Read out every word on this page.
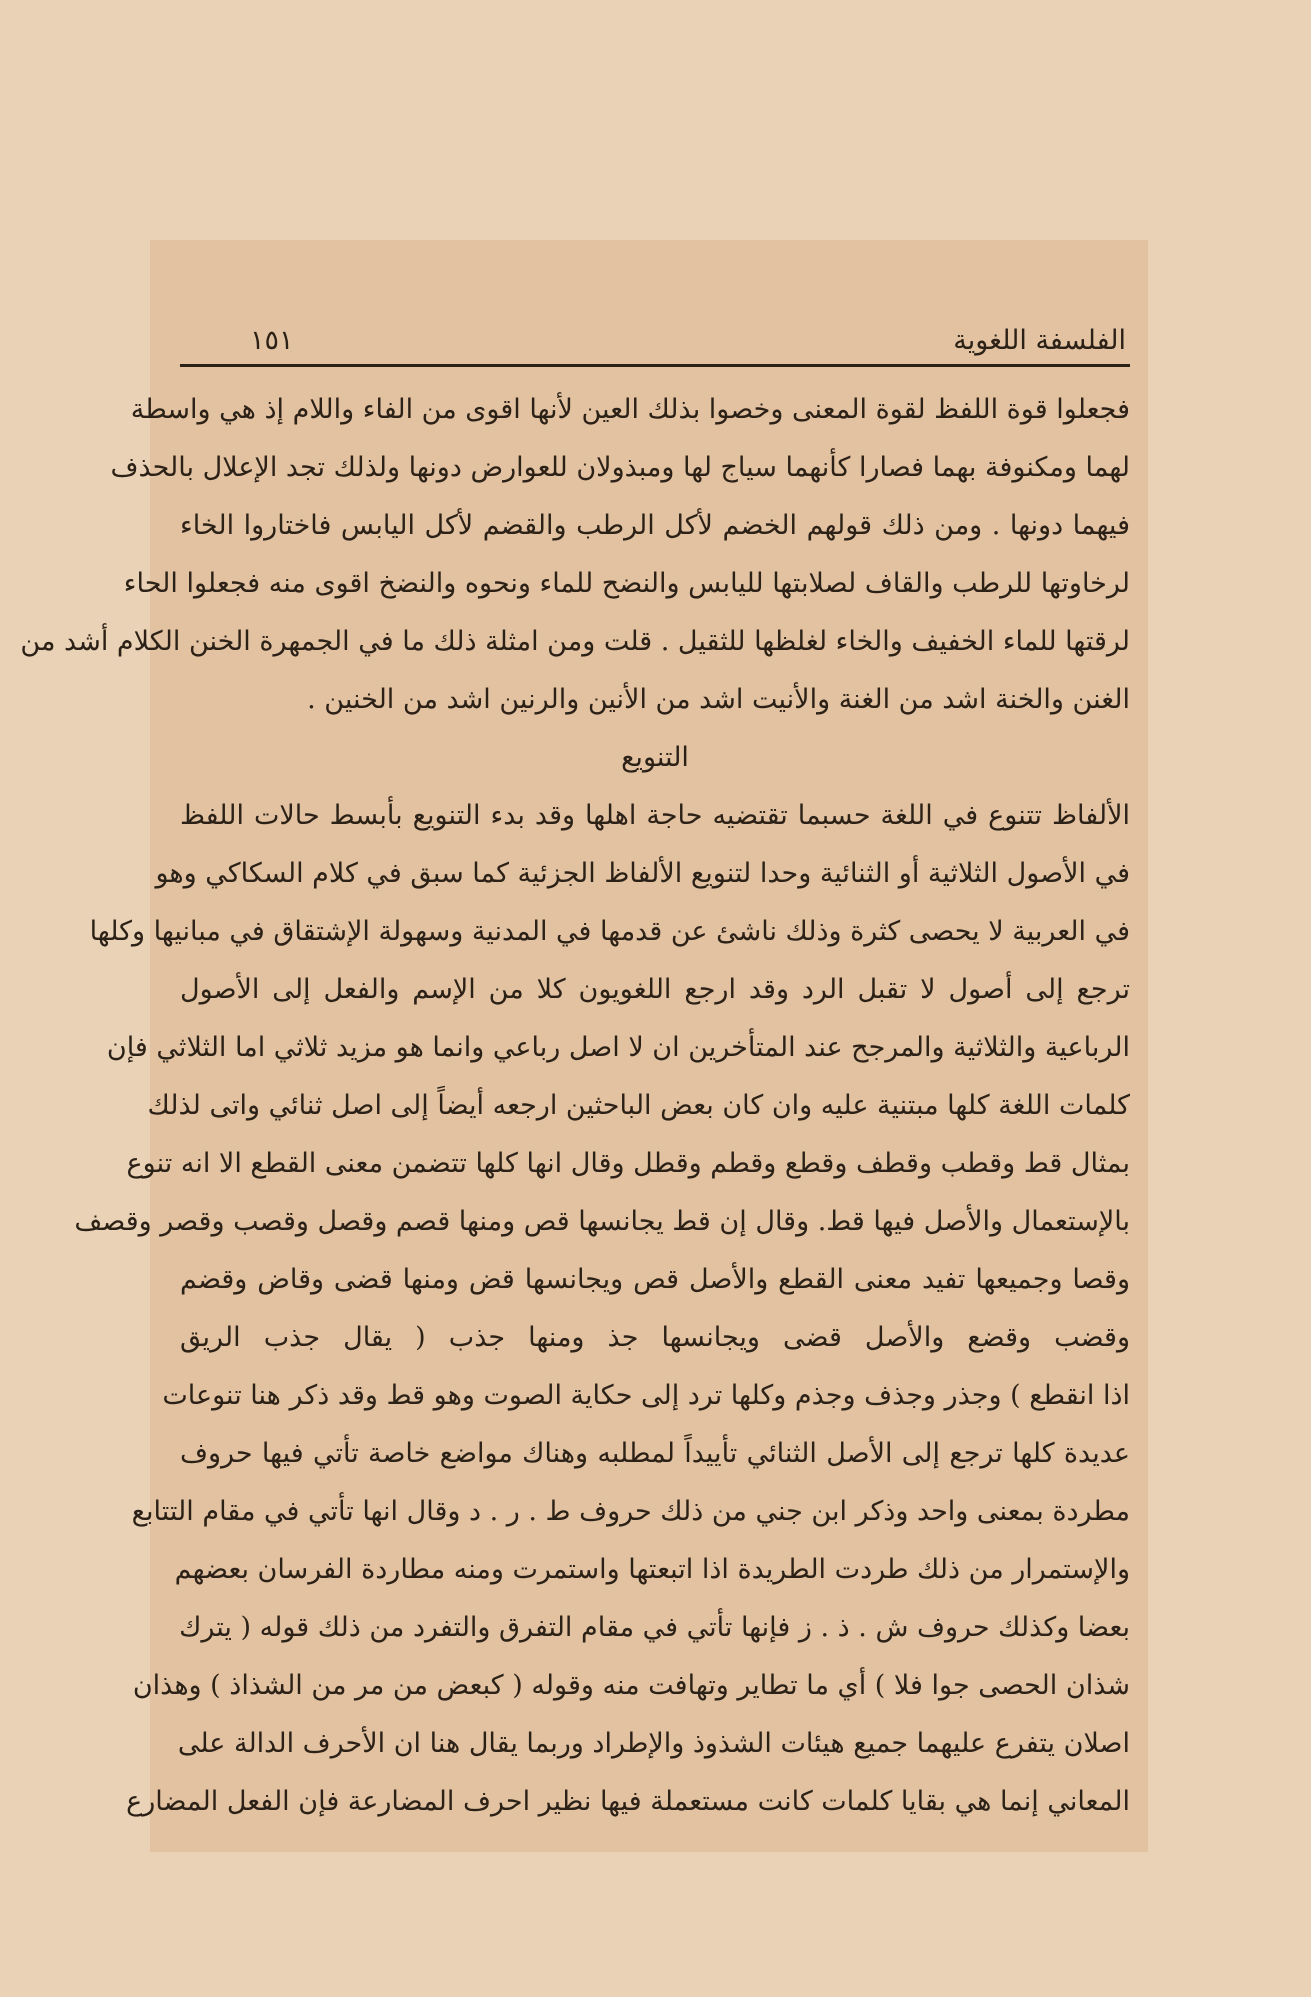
الفلسفة اللغوية
١٥١
فجعلوا قوة اللفظ لقوة المعنى وخصوا بذلك العين لأنها اقوى من الفاء واللام إذ هي واسطة
لهما ومكنوفة بهما فصارا كأنهما سياج لها ومبذولان للعوارض دونها ولذلك تجد الإعلال بالحذف
فيهما دونها . ومن ذلك قولهم الخضم لأكل الرطب والقضم لأكل اليابس فاختاروا الخاء
لرخاوتها للرطب والقاف لصلابتها لليابس والنضح للماء ونحوه والنضخ اقوى منه فجعلوا الحاء
لرقتها للماء الخفيف والخاء لغلظها للثقيل . قلت ومن امثلة ذلك ما في الجمهرة الخنن الكلام أشد من
الغنن والخنة اشد من الغنة والأنيت اشد من الأنين والرنين اشد من الخنين .
التنويع
الألفاظ تتنوع في اللغة حسبما تقتضيه حاجة اهلها وقد بدء التنويع بأبسط حالات اللفظ
في الأصول الثلاثية أو الثنائية وحدا لتنويع الألفاظ الجزئية كما سبق في كلام السكاكي وهو
في العربية لا يحصى كثرة وذلك ناشئ عن قدمها في المدنية وسهولة الإشتقاق في مبانيها وكلها
ترجع إلى أصول لا تقبل الرد وقد ارجع اللغويون كلا من الإسم والفعل إلى الأصول
الرباعية والثلاثية والمرجح عند المتأخرين ان لا اصل رباعي وانما هو مزيد ثلاثي اما الثلاثي فإن
كلمات اللغة كلها مبتنية عليه وان كان بعض الباحثين ارجعه أيضاً إلى اصل ثنائي واتى لذلك
بمثال قط وقطب وقطف وقطع وقطم وقطل وقال انها كلها تتضمن معنى القطع الا انه تنوع
بالإستعمال والأصل فيها قط. وقال إن قط يجانسها قص ومنها قصم وقصل وقصب وقصر وقصف
وقصا وجميعها تفيد معنى القطع والأصل قص ويجانسها قض ومنها قضى وقاض وقضم
وقضب وقضع والأصل قضى ويجانسها جذ ومنها جذب ( يقال جذب الريق
اذا انقطع ) وجذر وجذف وجذم وكلها ترد إلى حكاية الصوت وهو قط وقد ذكر هنا تنوعات
عديدة كلها ترجع إلى الأصل الثنائي تأييداً لمطلبه وهناك مواضع خاصة تأتي فيها حروف
مطردة بمعنى واحد وذكر ابن جني من ذلك حروف ط . ر . د وقال انها تأتي في مقام التتابع
والإستمرار من ذلك طردت الطريدة اذا اتبعتها واستمرت ومنه مطاردة الفرسان بعضهم
بعضا وكذلك حروف ش . ذ . ز فإنها تأتي في مقام التفرق والتفرد من ذلك قوله ( يترك
شذان الحصى جوا فلا ) أي ما تطاير وتهافت منه وقوله ( كبعض من مر من الشذاذ ) وهذان
اصلان يتفرع عليهما جميع هيئات الشذوذ والإطراد وربما يقال هنا ان الأحرف الدالة على
المعاني إنما هي بقايا كلمات كانت مستعملة فيها نظير احرف المضارعة فإن الفعل المضارع
